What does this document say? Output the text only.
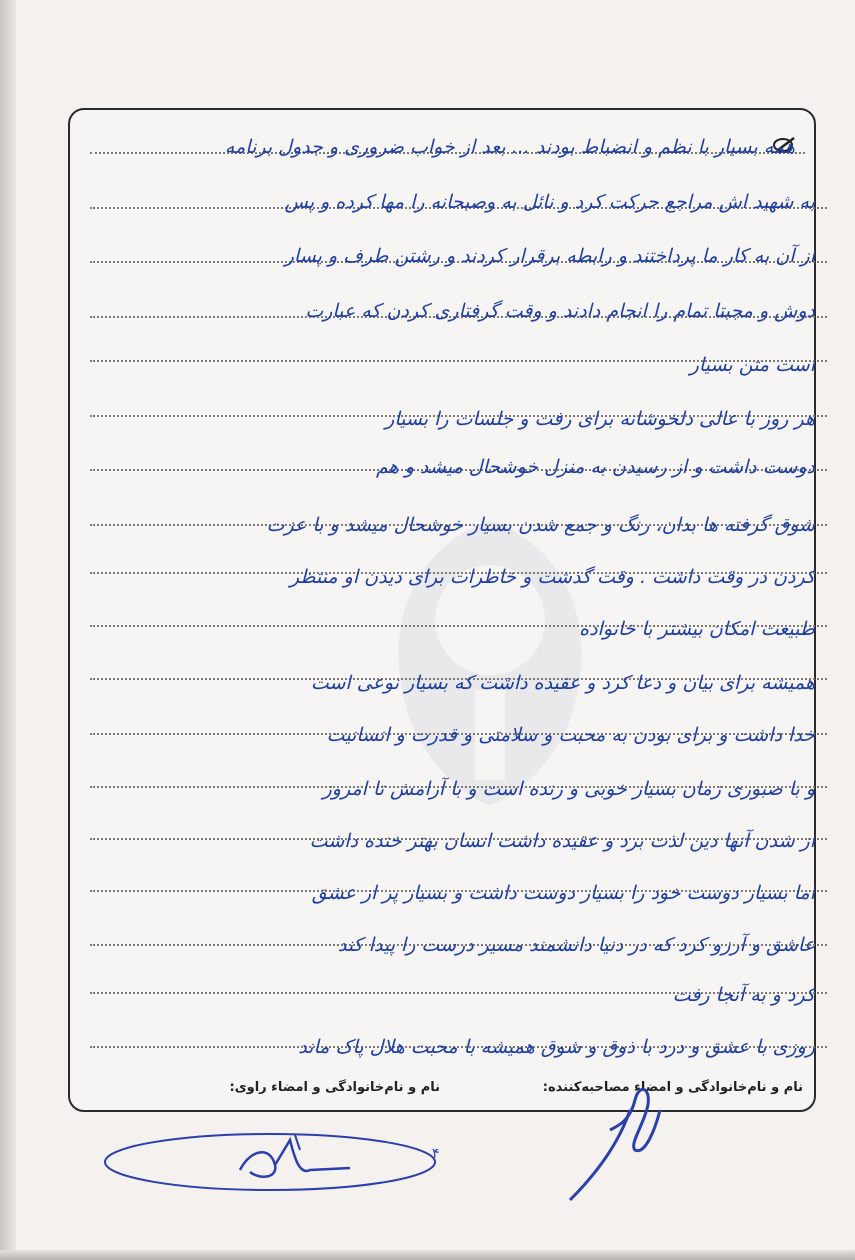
همه بسیار با نظم و انضباط بودند ... بعد از خواب ضروری و جدول برنامه
به شهید اش مراجع حرکت کرد و نائل به وصبحانه را مها کرده و پس
از آن به کار ما پرداختند و رابطه برقرار کردند و رشتن طرف و پسار
دوش و مجبتا تمام را انجام دادند و وقت گرفتاری کردن که عبارت
است متن بسیار
هر روز با عالی دلخوشانه برای رفت و جلسات را بسیار
دوست داشت و از رسیدن به منزل خوشحال میشد و هم
شوق گرفته ها بدان، رنگ و جمع شدن بسیار خوشحال میشد و با عزت
کردن در وقت داشت . وقت گذشت و خاطرات برای دیدن او منتظر
طبیعت امکان بیشتر با خانواده
همیشه برای بیان و دعا کرد و عقیده داشت که بسیار نوعی است
خدا داشت و برای بودن به محبت و سلامتی و قدرت و انسانیت
و با صبوری زمان بسیار خوبی و زنده است و با آرامش تا امروز
از شدن آنها دین لذت برد و عقیده داشت انسان بهتر خنده داشت
اما بسیار دوست خود را بسیار دوست داشت و بسیار پر از عشق
عاشق و آرزو کرد که در دنیا دانشمند مسیر درست را پیدا کند
کرد و به آنجا رفت
روزی با عشق و درد با ذوق و شوق همیشه با محبت هلال پاک ماند
نام و نام‌خانوادگی و امضاء مصاحبه‌کننده:
نام و نام‌خانوادگی و امضاء راوی:
۴
